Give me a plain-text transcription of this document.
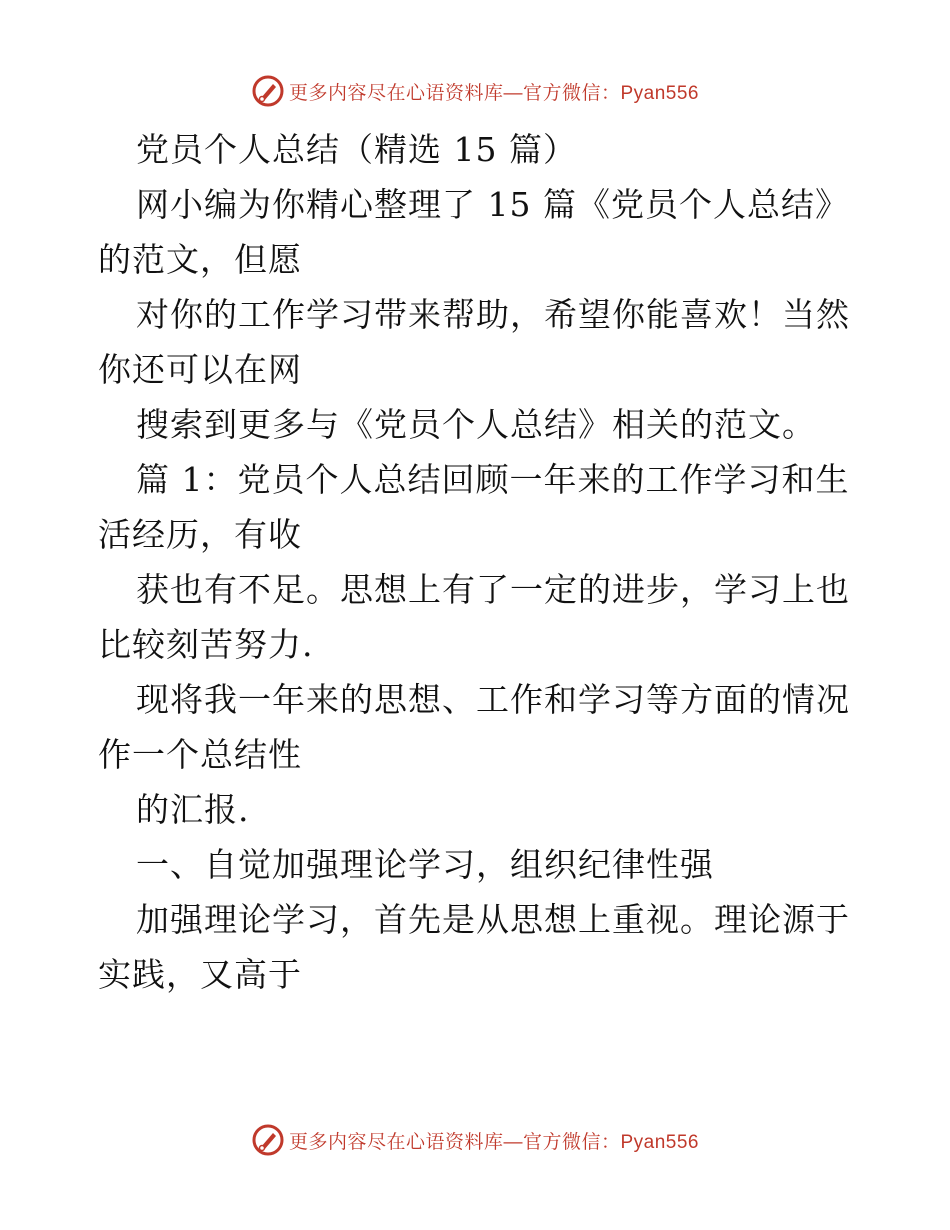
更多内容尽在心语资料库—官方微信：Pyan556

党员个人总结（精选 15 篇）

网小编为你精心整理了 15 篇《党员个人总结》的范文，但愿

对你的工作学习带来帮助，希望你能喜欢！当然你还可以在网

搜索到更多与《党员个人总结》相关的范文。

篇 1：党员个人总结回顾一年来的工作学习和生活经历，有收

获也有不足。思想上有了一定的进步，学习上也比较刻苦努力.

现将我一年来的思想、工作和学习等方面的情况作一个总结性

的汇报.

一、自觉加强理论学习，组织纪律性强

加强理论学习，首先是从思想上重视。理论源于实践，又高于

更多内容尽在心语资料库—官方微信：Pyan556
